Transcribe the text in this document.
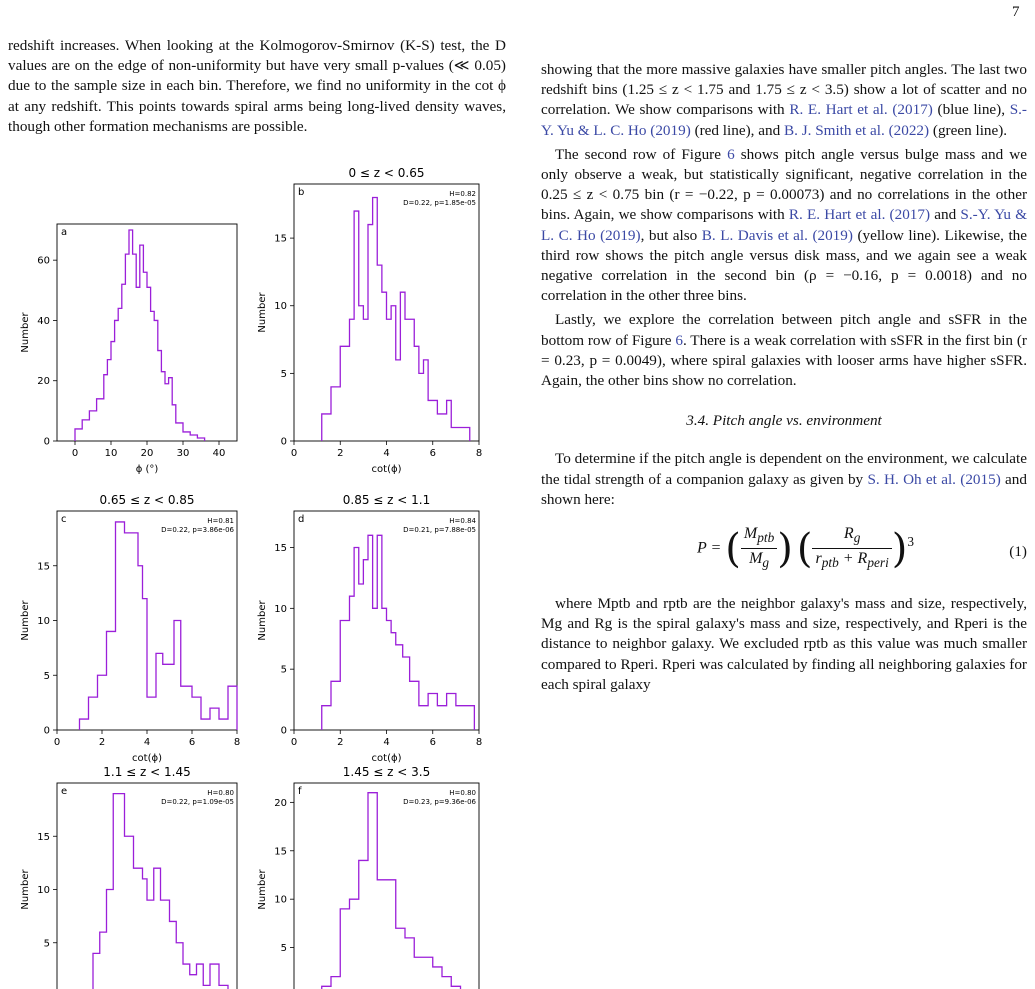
7

redshift increases. When looking at the Kolmogorov-Smirnov (K-S) test, the D values are on the edge of non-uniformity but have very small p-values (≪ 0.05) due to the sample size in each bin. Therefore, we find no uniformity in the cot ϕ at any redshift. This points towards spiral arms being long-lived density waves, though other formation mechanisms are possible.

0	10 20 30 40
0
20
40
60
ϕ (°)
Number
a
0	2	4	6	8
0
5
10
15
cot(ϕ)
Number
0 ≤ z < 0.65
b	H=0.82
D=0.22, p=1.85e-05
0	2	4	6	8
0
5
10
15
cot(ϕ)
Number
0.65 ≤ z < 0.85
c	H=0.81
D=0.22, p=3.86e-06
0	2	4	6	8
0
5
10
15
cot(ϕ)
Number
0.85 ≤ z < 1.1
d	H=0.84
D=0.21, p=7.88e-05
5
10
15
Number
1.1 ≤ z < 1.45
e	H=0.80
D=0.22, p=1.09e-05
5
10
15
20
Number
1.45 ≤ z < 3.5
f	H=0.80
D=0.23, p=9.36e-06

showing that the more massive galaxies have smaller pitch angles. The last two redshift bins (1.25 ≤ z < 1.75 and 1.75 ≤ z < 3.5) show a lot of scatter and no correlation. We show comparisons with R. E. Hart et al. (2017) (blue line), S.-Y. Yu & L. C. Ho (2019) (red line), and B. J. Smith et al. (2022) (green line).

The second row of Figure 6 shows pitch angle versus bulge mass and we only observe a weak, but statistically significant, negative correlation in the 0.25 ≤ z < 0.75 bin (r = −0.22, p = 0.00073) and no correlations in the other bins. Again, we show comparisons with R. E. Hart et al. (2017) and S.-Y. Yu & L. C. Ho (2019), but also B. L. Davis et al. (2019) (yellow line). Likewise, the third row shows the pitch angle versus disk mass, and we again see a weak negative correlation in the second bin (ρ = −0.16, p = 0.0018) and no correlation in the other three bins.

Lastly, we explore the correlation between pitch angle and sSFR in the bottom row of Figure 6. There is a weak correlation with sSFR in the first bin (r = 0.23, p = 0.0049), where spiral galaxies with looser arms have higher sSFR. Again, the other bins show no correlation.

3.4. Pitch angle vs. environment

To determine if the pitch angle is dependent on the environment, we calculate the tidal strength of a companion galaxy as given by S. H. Oh et al. (2015) and shown here:

P = ( $\frac{M_{ptb}}{M_g}$ ) ( $\frac{R_g}{r_{ptb} + R_{peri}} )^3$
(1)

where Mptb and rptb are the neighbor galaxy's mass and size, respectively, Mg and Rg is the spiral galaxy's mass and size, respectively, and Rperi is the distance to neighbor galaxy. We excluded rptb as this value was much smaller compared to Rperi. Rperi was calculated by finding all neighboring galaxies for each spiral galaxy
